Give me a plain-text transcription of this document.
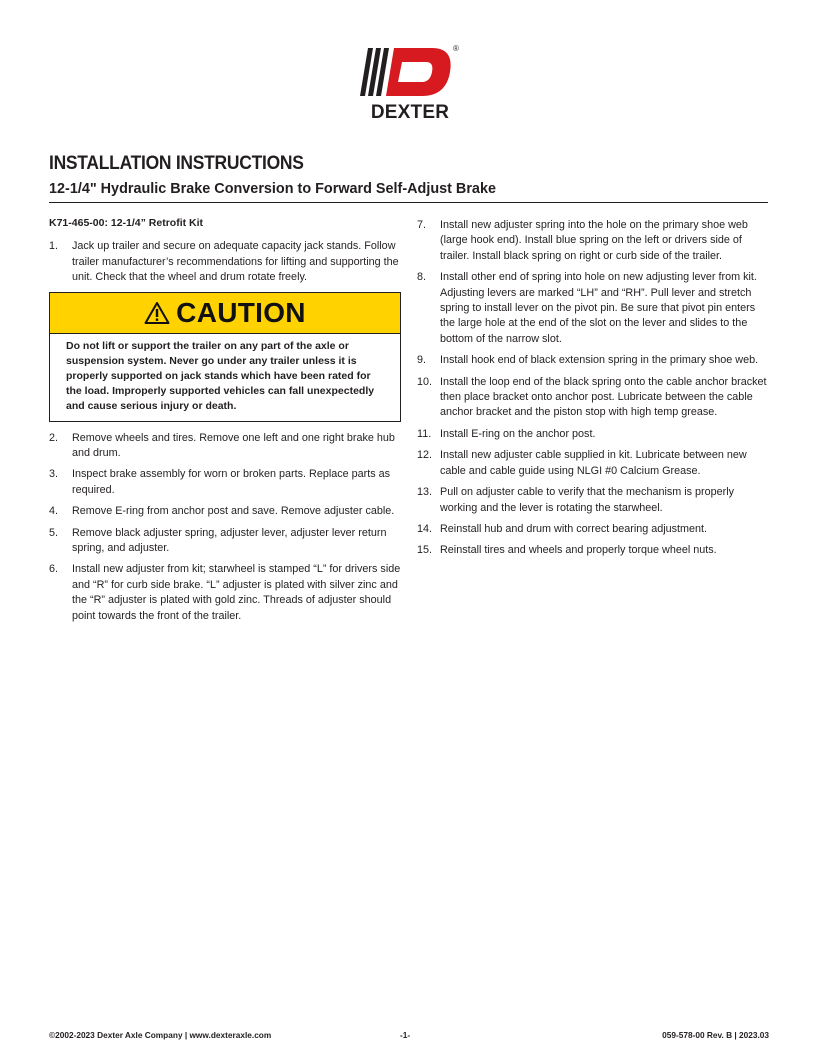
®
DEXTER
INSTALLATION INSTRUCTIONS
12-1/4" Hydraulic Brake Conversion to Forward Self-Adjust Brake
K71-465-00: 12-1/4” Retrofit Kit
1.	Jack up trailer and secure on adequate capacity jack stands. Follow trailer manufacturer’s recommendations for lifting and supporting the unit. Check that the wheel and drum rotate freely.
CAUTION
Do not lift or support the trailer on any part of the axle or suspension system. Never go under any trailer unless it is properly supported on jack stands which have been rated for the load. Improperly supported vehicles can fall unexpectedly and cause serious injury or death.
2.	Remove wheels and tires. Remove one left and one right brake hub and drum.
3.	Inspect brake assembly for worn or broken parts. Replace parts as required.
4.	Remove E-ring from anchor post and save. Remove adjuster cable.
5.	Remove black adjuster spring, adjuster lever, adjuster lever return spring, and adjuster.
6.	Install new adjuster from kit; starwheel is stamped “L” for drivers side and “R” for curb side brake. “L” adjuster is plated with silver zinc and the “R” adjuster is plated with gold zinc. Threads of adjuster should point towards the front of the trailer.
7.	Install new adjuster spring into the hole on the primary shoe web (large hook end). Install blue spring on the left or drivers side of trailer. Install black spring on right or curb side of the trailer.
8.	Install other end of spring into hole on new adjusting lever from kit. Adjusting levers are marked “LH” and “RH”. Pull lever and stretch spring to install lever on the pivot pin. Be sure that pivot pin enters the large hole at the end of the slot on the lever and slides to the bottom of the narrow slot.
9.	Install hook end of black extension spring in the primary shoe web.
10. Install the loop end of the black spring onto the cable anchor bracket then place bracket onto anchor post. Lubricate between the cable anchor bracket and the piston stop with high temp grease.
11. Install E-ring on the anchor post.
12. Install new adjuster cable supplied in kit. Lubricate between new cable and cable guide using NLGI #0 Calcium Grease.
13. Pull on adjuster cable to verify that the mechanism is properly working and the lever is rotating the starwheel.
14. Reinstall hub and drum with correct bearing adjustment.
15. Reinstall tires and wheels and properly torque wheel nuts.
©2002-2023 Dexter Axle Company | www.dexteraxle.com	-1-	059-578-00 Rev. B | 2023.03
